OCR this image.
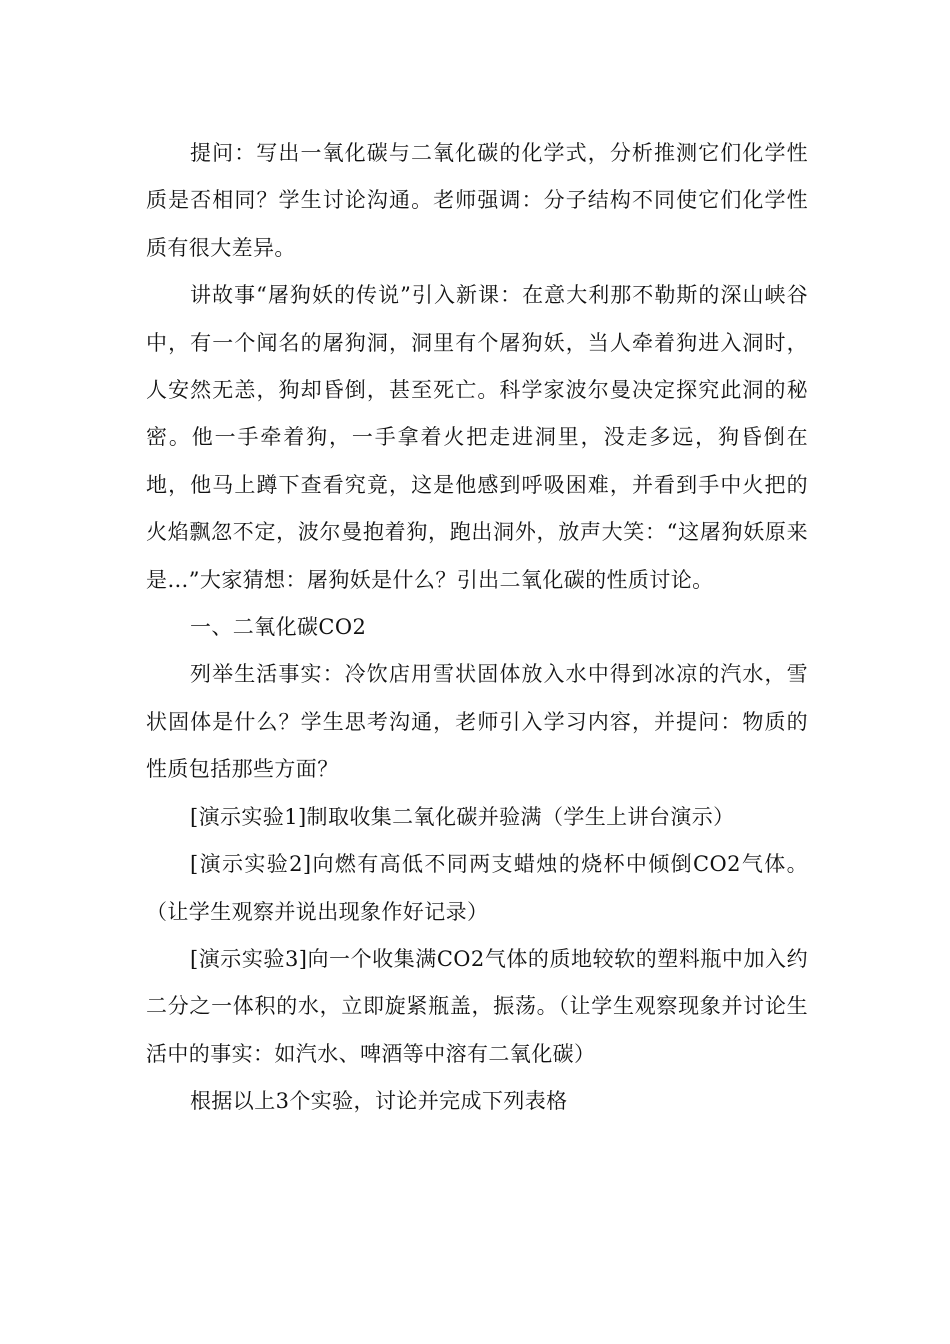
提问：写出一氧化碳与二氧化碳的化学式，分析推测它们化学性质是否相同？学生讨论沟通。老师强调：分子结构不同使它们化学性质有很大差异。

讲故事“屠狗妖的传说”引入新课：在意大利那不勒斯的深山峡谷中，有一个闻名的屠狗洞，洞里有个屠狗妖，当人牵着狗进入洞时，人安然无恙，狗却昏倒，甚至死亡。科学家波尔曼决定探究此洞的秘密。他一手牵着狗，一手拿着火把走进洞里，没走多远，狗昏倒在地，他马上蹲下查看究竟，这是他感到呼吸困难，并看到手中火把的火焰飘忽不定，波尔曼抱着狗，跑出洞外，放声大笑：“这屠狗妖原来是…”大家猜想：屠狗妖是什么？引出二氧化碳的性质讨论。

一、二氧化碳CO2

列举生活事实：冷饮店用雪状固体放入水中得到冰凉的汽水，雪状固体是什么？学生思考沟通，老师引入学习内容，并提问：物质的性质包括那些方面？

[演示实验1]制取收集二氧化碳并验满（学生上讲台演示）

[演示实验2]向燃有高低不同两支蜡烛的烧杯中倾倒CO2气体。（让学生观察并说出现象作好记录）

[演示实验3]向一个收集满CO2气体的质地较软的塑料瓶中加入约二分之一体积的水，立即旋紧瓶盖，振荡。（让学生观察现象并讨论生活中的事实：如汽水、啤酒等中溶有二氧化碳）

根据以上3个实验，讨论并完成下列表格
